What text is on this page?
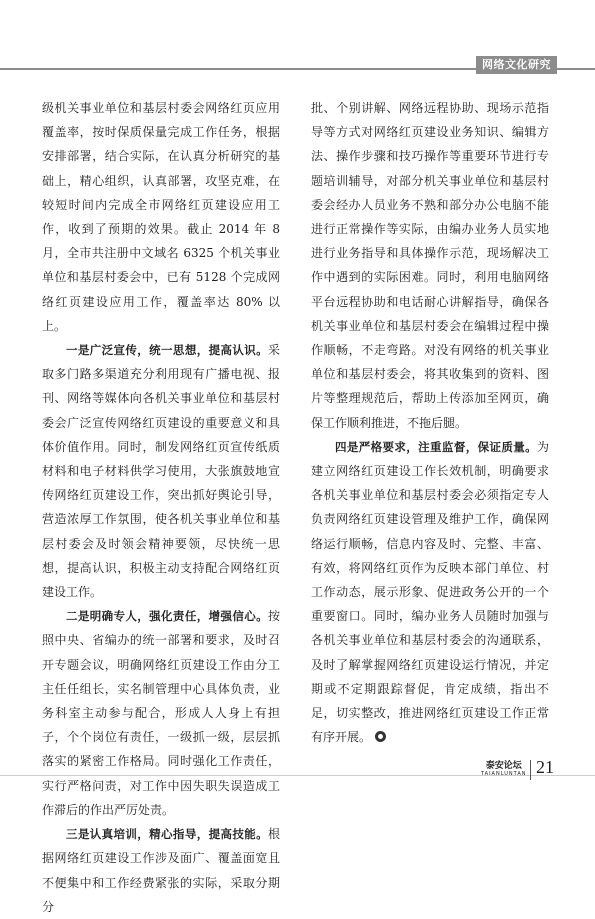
网络文化研究

级机关事业单位和基层村委会网络红页应用覆盖率，按时保质保量完成工作任务，根据安排部署，结合实际，在认真分析研究的基础上，精心组织，认真部署，攻坚克难，在较短时间内完成全市网络红页建设应用工作，收到了预期的效果。截止 2014 年 8 月，全市共注册中文域名 6325 个机关事业单位和基层村委会中，已有 5128 个完成网络红页建设应用工作，覆盖率达 80% 以上。

一是广泛宣传，统一思想，提高认识。采取多门路多渠道充分利用现有广播电视、报刊、网络等媒体向各机关事业单位和基层村委会广泛宣传网络红页建设的重要意义和具体价值作用。同时，制发网络红页宣传纸质材料和电子材料供学习使用，大张旗鼓地宣传网络红页建设工作，突出抓好舆论引导，营造浓厚工作氛围，使各机关事业单位和基层村委会及时领会精神要领，尽快统一思想，提高认识，积极主动支持配合网络红页建设工作。

二是明确专人，强化责任，增强信心。按照中央、省编办的统一部署和要求，及时召开专题会议，明确网络红页建设工作由分工主任任组长，实名制管理中心具体负责，业务科室主动参与配合，形成人人身上有担子，个个岗位有责任，一级抓一级，层层抓落实的紧密工作格局。同时强化工作责任，实行严格问责，对工作中因失职失误造成工作滞后的作出严厉处责。

三是认真培训，精心指导，提高技能。根据网络红页建设工作涉及面广、覆盖面宽且不便集中和工作经费紧张的实际，采取分期分

批、个别讲解、网络远程协助、现场示范指导等方式对网络红页建设业务知识、编辑方法、操作步骤和技巧操作等重要环节进行专题培训辅导，对部分机关事业单位和基层村委会经办人员业务不熟和部分办公电脑不能进行正常操作等实际，由编办业务人员实地进行业务指导和具体操作示范，现场解决工作中遇到的实际困难。同时，利用电脑网络平台远程协助和电话耐心讲解指导，确保各机关事业单位和基层村委会在编辑过程中操作顺畅，不走弯路。对没有网络的机关事业单位和基层村委会，将其收集到的资料、图片等整理规范后，帮助上传添加至网页，确保工作顺利推进，不拖后腿。

四是严格要求，注重监督，保证质量。为建立网络红页建设工作长效机制，明确要求各机关事业单位和基层村委会必须指定专人负责网络红页建设管理及维护工作，确保网络运行顺畅，信息内容及时、完整、丰富、有效，将网络红页作为反映本部门单位、村工作动态，展示形象、促进政务公开的一个重要窗口。同时，编办业务人员随时加强与各机关事业单位和基层村委会的沟通联系，及时了解掌握网络红页建设运行情况，并定期或不定期跟踪督促，肯定成绩，指出不足，切实整改，推进网络红页建设工作正常有序开展。

泰安论坛
TAIANLUNTAN 21
